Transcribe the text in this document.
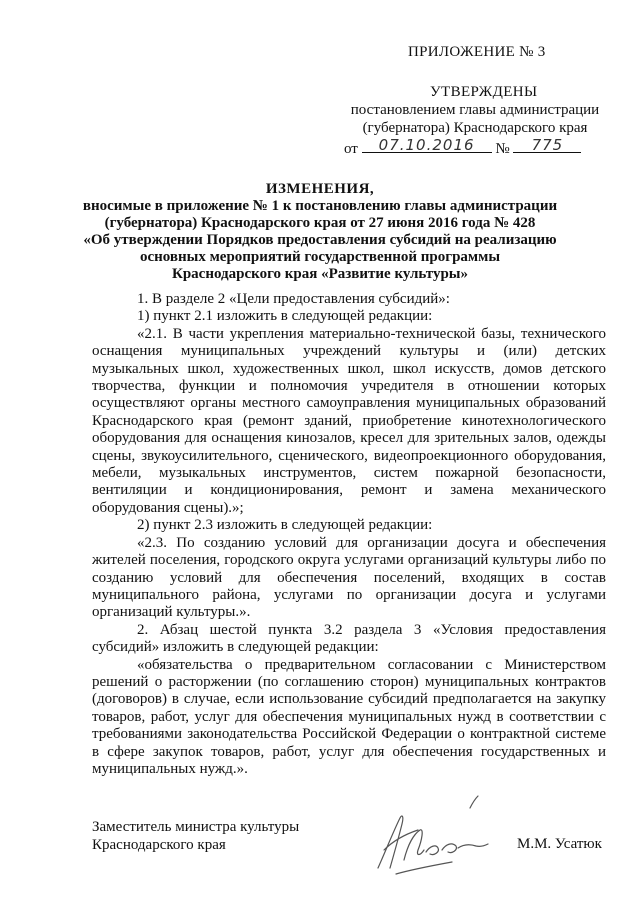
ПРИЛОЖЕНИЕ № 3
УТВЕРЖДЕНЫ
постановлением главы администрации
(губернатора) Краснодарского края
от	07.10.2016	№	775
ИЗМЕНЕНИЯ,
вносимые в приложение № 1 к постановлению главы администрации
(губернатора) Краснодарского края от 27 июня 2016 года № 428
«Об утверждении Порядков предоставления субсидий на реализацию
основных мероприятий государственной программы
Краснодарского края «Развитие культуры»

1. В разделе 2 «Цели предоставления субсидий»:

1) пункт 2.1 изложить в следующей редакции:

«2.1. В части укрепления материально-технической базы, технического оснащения муниципальных учреждений культуры и (или) детских музыкальных школ, художественных школ, школ искусств, домов детского творчества, функции и полномочия учредителя в отношении которых осуществляют органы местного самоуправления муниципальных образований Краснодарского края (ремонт зданий, приобретение кинотехнологического оборудования для оснащения кинозалов, кресел для зрительных залов, одежды сцены, звукоусилительного, сценического, видеопроекционного оборудования, мебели, музыкальных инструментов, систем пожарной безопасности, вентиляции и кондиционирования, ремонт и замена механического оборудования сцены).»;

2) пункт 2.3 изложить в следующей редакции:

«2.3. По созданию условий для организации досуга и обеспечения жителей поселения, городского округа услугами организаций культуры либо по созданию условий для обеспечения поселений, входящих в состав муниципального района, услугами по организации досуга и услугами организаций культуры.».

2. Абзац шестой пункта 3.2 раздела 3 «Условия предоставления субсидий» изложить в следующей редакции:

«обязательства о предварительном согласовании с Министерством решений о расторжении (по соглашению сторон) муниципальных контрактов (договоров) в случае, если использование субсидий предполагается на закупку товаров, работ, услуг для обеспечения муниципальных нужд в соответствии с требованиями законодательства Российской Федерации о контрактной системе в сфере закупок товаров, работ, услуг для обеспечения государственных и муниципальных нужд.».

Заместитель министра культуры
Краснодарского края	М.М. Усатюк
